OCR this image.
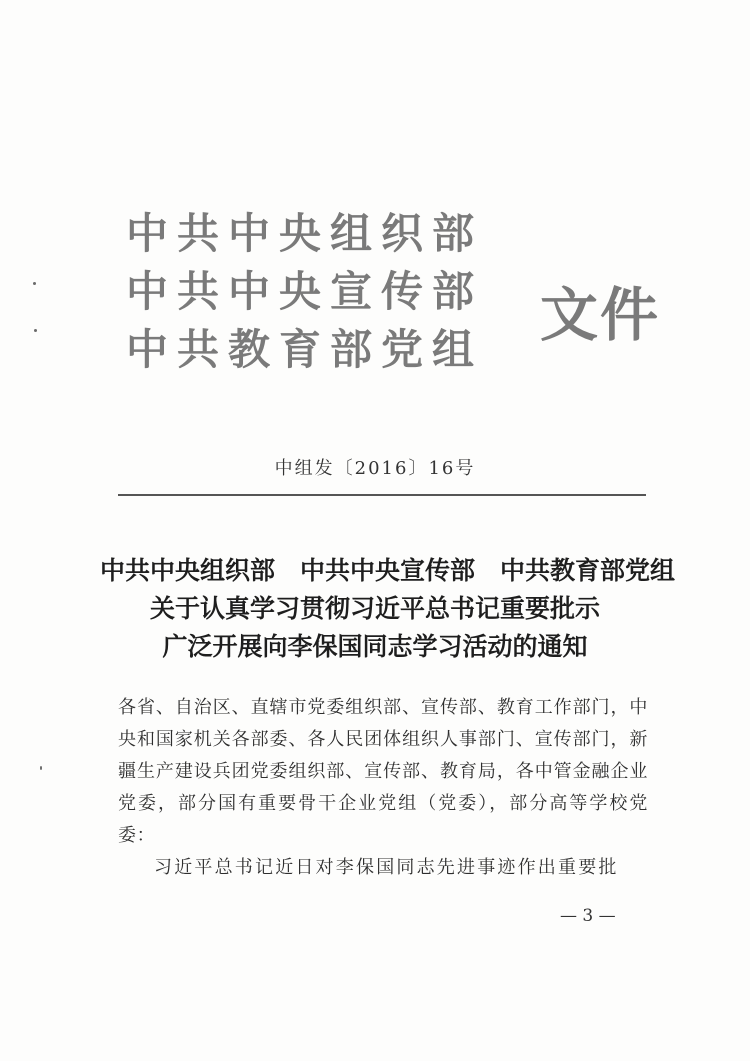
中共中央组织部
中共中央宣传部
中共教育部党组
文件
中组发〔2016〕16号
中共中央组织部　中共中央宣传部　中共教育部党组
关于认真学习贯彻习近平总书记重要批示
广泛开展向李保国同志学习活动的通知
各省、自治区、直辖市党委组织部、宣传部、教育工作部门，中央和国家机关各部委、各人民团体组织人事部门、宣传部门，新疆生产建设兵团党委组织部、宣传部、教育局，各中管金融企业党委，部分国有重要骨干企业党组（党委），部分高等学校党委：
习近平总书记近日对李保国同志先进事迹作出重要批
— 3 —
